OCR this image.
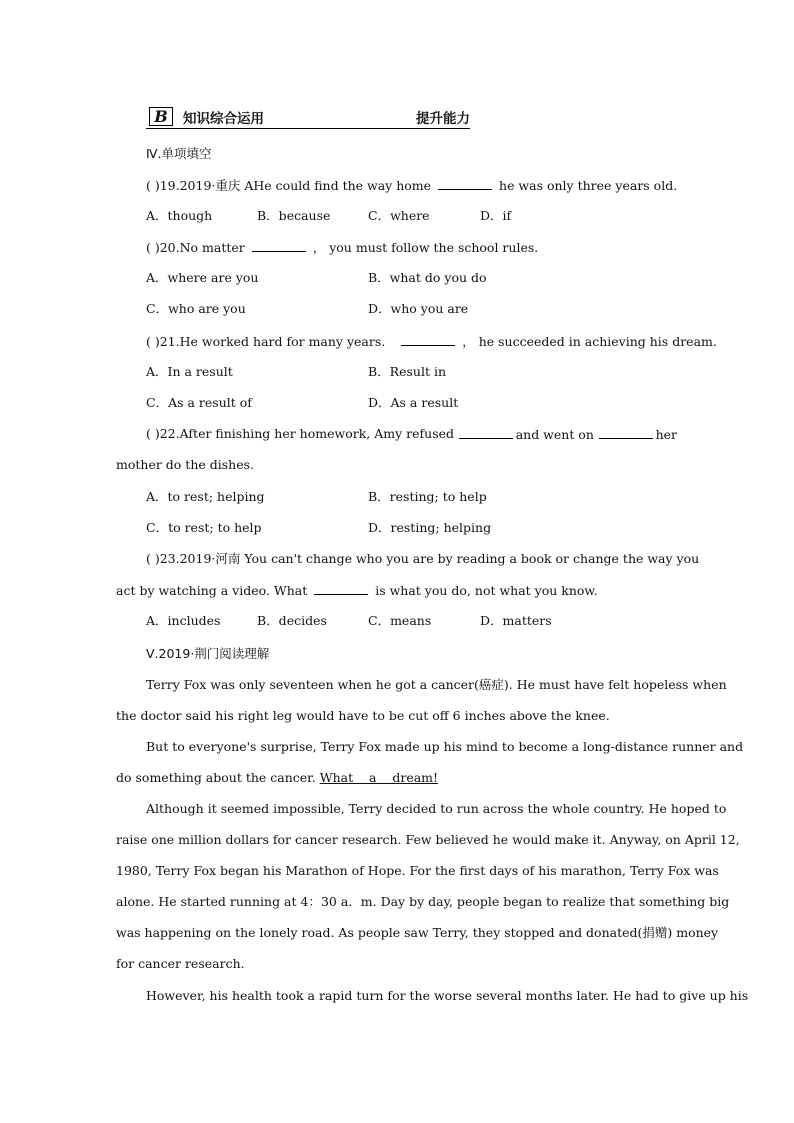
B	知识综合运用	提升能力
Ⅳ.单项填空
( )19.2019·重庆 AHe could find the way home	he was only three years old.
A．though	B．because	C．where	D．if
( )20.No matter	， you must follow the school rules.
A．where are you	B．what do you do
C．who are you	D．who you are
( )21.He worked hard for many years.	， he succeeded in achieving his dream.
A．In a result	B．Result in
C．As a result of	D．As a result
( )22.After finishing her homework, Amy refused	and went on	her
mother do the dishes.
A．to rest; helping	B．resting; to help
C．to rest; to help	D．resting; helping
( )23.2019·河南 You can't change who you are by reading a book or change the way you
act by watching a video. What	is what you do, not what you know.
A．includes	B．decides	C．means	D．matters
Ⅴ.2019·荆门阅读理解
Terry Fox was only seventeen when he got a cancer(癌症). He must have felt hopeless when
the doctor said his right leg would have to be cut off 6 inches above the knee.
But to everyone's surprise, Terry Fox made up his mind to become a long-distance runner and
do something about the cancer. What    a    dream!
Although it seemed impossible, Terry decided to run across the whole country. He hoped to
raise one million dollars for cancer research. Few believed he would make it. Anyway, on April 12,
1980, Terry Fox began his Marathon of Hope. For the first days of his marathon, Terry Fox was
alone. He started running at 4：30 a．m. Day by day, people began to realize that something big
was happening on the lonely road. As people saw Terry, they stopped and donated(捐赠) money
for cancer research.
However, his health took a rapid turn for the worse several months later. He had to give up his
